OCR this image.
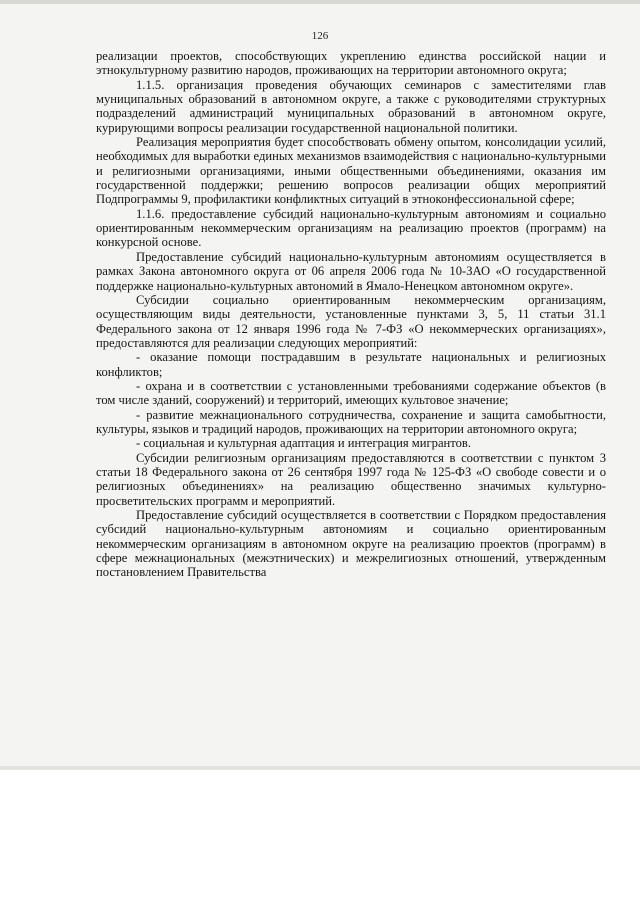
126

реализации проектов, способствующих укреплению единства российской нации и этнокультурному развитию народов, проживающих на территории автономного округа;

1.1.5. организация проведения обучающих семинаров с заместителями глав муниципальных образований в автономном округе, а также с руководителями структурных подразделений администраций муниципальных образований в автономном округе, курирующими вопросы реализации государственной национальной политики.

Реализация мероприятия будет способствовать обмену опытом, консолидации усилий, необходимых для выработки единых механизмов взаимодействия с национально-культурными и религиозными организациями, иными общественными объединениями, оказания им государственной поддержки; решению вопросов реализации общих мероприятий Подпрограммы 9, профилактики конфликтных ситуаций в этноконфессиональной сфере;

1.1.6. предоставление субсидий национально-культурным автономиям и социально ориентированным некоммерческим организациям на реализацию проектов (программ) на конкурсной основе.

Предоставление субсидий национально-культурным автономиям осуществляется в рамках Закона автономного округа от 06 апреля 2006 года № 10-ЗАО «О государственной поддержке национально-культурных автономий в Ямало-Ненецком автономном округе».

Субсидии социально ориентированным некоммерческим организациям, осуществляющим виды деятельности, установленные пунктами 3, 5, 11 статьи 31.1 Федерального закона от 12 января 1996 года № 7-ФЗ «О некоммерческих организациях», предоставляются для реализации следующих мероприятий:

- оказание помощи пострадавшим в результате национальных и религиозных конфликтов;

- охрана и в соответствии с установленными требованиями содержание объектов (в том числе зданий, сооружений) и территорий, имеющих культовое значение;

- развитие межнационального сотрудничества, сохранение и защита самобытности, культуры, языков и традиций народов, проживающих на территории автономного округа;

- социальная и культурная адаптация и интеграция мигрантов.

Субсидии религиозным организациям предоставляются в соответствии с пунктом 3 статьи 18 Федерального закона от 26 сентября 1997 года № 125-ФЗ «О свободе совести и о религиозных объединениях» на реализацию общественно значимых культурно-просветительских программ и мероприятий.

Предоставление субсидий осуществляется в соответствии с Порядком предоставления субсидий национально-культурным автономиям и социально ориентированным некоммерческим организациям в автономном округе на реализацию проектов (программ) в сфере межнациональных (межэтнических) и межрелигиозных отношений, утвержденным постановлением Правительства
